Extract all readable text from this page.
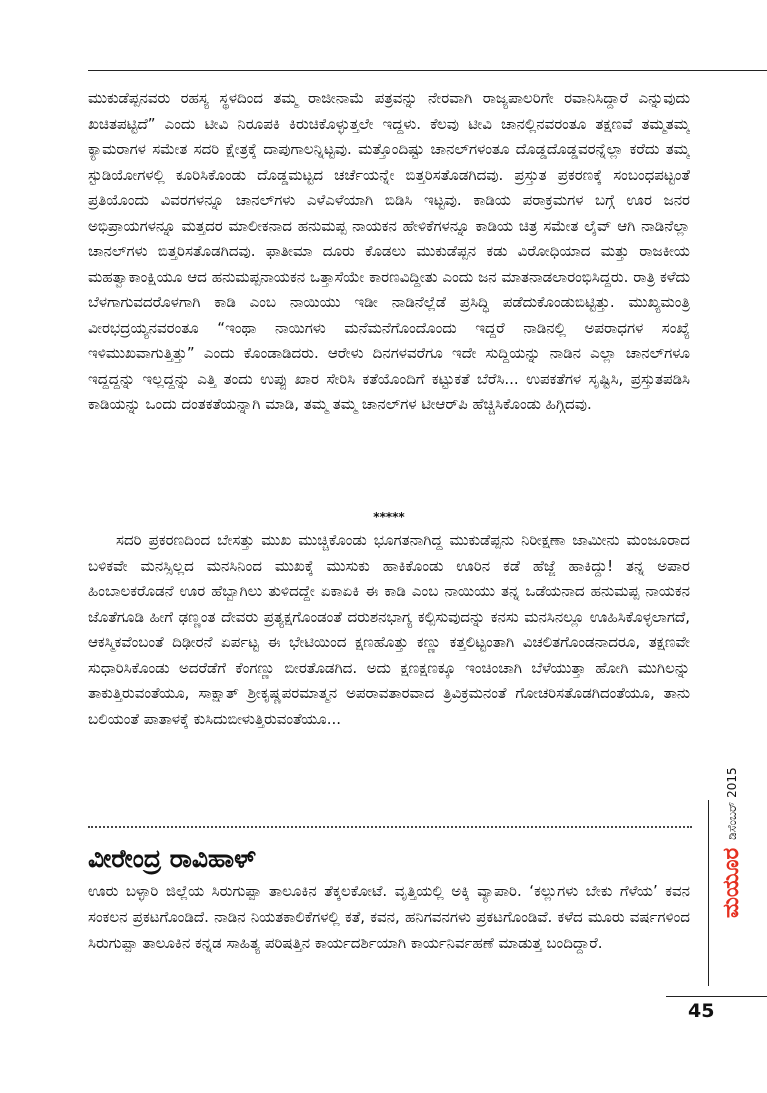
ಮುಕುಡೆಪ್ಪನವರು ರಹಸ್ಯ ಸ್ಥಳದಿಂದ ತಮ್ಮ ರಾಜೀನಾಮೆ ಪತ್ರವನ್ನು ನೇರವಾಗಿ ರಾಜ್ಯಪಾಲರಿಗೇ ರವಾನಿಸಿದ್ದಾರೆ ಎನ್ನುವುದು ಖಚಿತಪಟ್ಟಿದೆ” ಎಂದು ಟೀವಿ ನಿರೂಪಕಿ ಕಿರುಚಿಕೊಳ್ಳುತ್ತಲೇ ಇದ್ದಳು. ಕೆಲವು ಟೀವಿ ಚಾನಲ್ಲಿನವರಂತೂ ತಕ್ಷಣವೆ ತಮ್ಮತಮ್ಮ ಕ್ಯಾಮರಾಗಳ ಸಮೇತ ಸದರಿ ಕ್ಷೇತ್ರಕ್ಕೆ ದಾಪುಗಾಲನ್ನಿಟ್ಟವು. ಮತ್ತೊಂದಿಷ್ಟು ಚಾನಲ್‌ಗಳಂತೂ ದೊಡ್ಡದೊಡ್ಡವರನ್ನೆಲ್ಲಾ ಕರೆದು ತಮ್ಮ ಸ್ಟುಡಿಯೋಗಳಲ್ಲಿ ಕೂರಿಸಿಕೊಂಡು ದೊಡ್ಡಮಟ್ಟದ ಚರ್ಚೆಯನ್ನೇ ಬಿತ್ತರಿಸತೊಡಗಿದವು. ಪ್ರಸ್ತುತ ಪ್ರಕರಣಕ್ಕೆ ಸಂಬಂಧಪಟ್ಟಂತೆ ಪ್ರತಿಯೊಂದು ವಿವರಗಳನ್ನೂ ಚಾನಲ್‌ಗಳು ಎಳೆಎಳೆಯಾಗಿ ಬಿಡಿಸಿ ಇಟ್ಟವು. ಕಾಡಿಯ ಪರಾಕ್ರಮಗಳ ಬಗ್ಗೆ ಊರ ಜನರ ಅಭಿಪ್ರಾಯಗಳನ್ನೂ ಮತ್ತದರ ಮಾಲೀಕನಾದ ಹನುಮಪ್ಪ ನಾಯಕನ ಹೇಳಿಕೆಗಳನ್ನೂ ಕಾಡಿಯ ಚಿತ್ರ ಸಮೇತ ಲೈವ್ ಆಗಿ ನಾಡಿನೆಲ್ಲಾ ಚಾನಲ್‌ಗಳು ಬಿತ್ತರಿಸತೊಡಗಿದವು. ಫಾತೀಮಾ ದೂರು ಕೊಡಲು ಮುಕುಡೆಪ್ಪನ ಕಡು ವಿರೋಧಿಯಾದ ಮತ್ತು ರಾಜಕೀಯ ಮಹತ್ವಾಕಾಂಕ್ಷಿಯೂ ಆದ ಹನುಮಪ್ಪನಾಯಕನ ಒತ್ತಾಸೆಯೇ ಕಾರಣವಿದ್ದೀತು ಎಂದು ಜನ ಮಾತನಾಡಲಾರಂಭಿಸಿದ್ದರು. ರಾತ್ರಿ ಕಳೆದು ಬೆಳಗಾಗುವದರೊಳಗಾಗಿ ಕಾಡಿ ಎಂಬ ನಾಯಿಯು ಇಡೀ ನಾಡಿನೆಲ್ಲೆಡೆ ಪ್ರಸಿದ್ಧಿ ಪಡೆದುಕೊಂಡುಬಿಟ್ಟಿತ್ತು. ಮುಖ್ಯಮಂತ್ರಿ ವೀರಭದ್ರಯ್ಯನವರಂತೂ “ಇಂಥಾ ನಾಯಿಗಳು ಮನೆಮನೆಗೊಂದೊಂದು ಇದ್ದರೆ ನಾಡಿನಲ್ಲಿ ಅಪರಾಧಗಳ ಸಂಖ್ಯೆ ಇಳಿಮುಖವಾಗುತ್ತಿತ್ತು” ಎಂದು ಕೊಂಡಾಡಿದರು. ಆರೇಳು ದಿನಗಳವರೆಗೂ ಇದೇ ಸುದ್ದಿಯನ್ನು ನಾಡಿನ ಎಲ್ಲಾ ಚಾನಲ್‌ಗಳೂ ಇದ್ದದ್ದನ್ನು ಇಲ್ಲದ್ದನ್ನು ಎತ್ತಿ ತಂದು ಉಪ್ಪು ಖಾರ ಸೇರಿಸಿ ಕತೆಯೊಂದಿಗೆ ಕಟ್ಟುಕತೆ ಬೆರೆಸಿ... ಉಪಕತೆಗಳ ಸೃಷ್ಟಿಸಿ, ಪ್ರಸ್ತುತಪಡಿಸಿ ಕಾಡಿಯನ್ನು ಒಂದು ದಂತಕತೆಯನ್ನಾಗಿ ಮಾಡಿ, ತಮ್ಮ ತಮ್ಮ ಚಾನಲ್‌ಗಳ ಟೀಆರ್‌ಪಿ ಹೆಚ್ಚಿಸಿಕೊಂಡು ಹಿಗ್ಗಿದವು.

*****

ಸದರಿ ಪ್ರಕರಣದಿಂದ ಬೇಸತ್ತು ಮುಖ ಮುಚ್ಚಿಕೊಂಡು ಭೂಗತನಾಗಿದ್ದ ಮುಕುಡೆಪ್ಪನು ನಿರೀಕ್ಷಣಾ ಜಾಮೀನು ಮಂಜೂರಾದ ಬಳಿಕವೇ ಮನಸ್ಸಿಲ್ಲದ ಮನಸಿನಿಂದ ಮುಖಕ್ಕೆ ಮುಸುಕು ಹಾಕಿಕೊಂಡು ಊರಿನ ಕಡೆ ಹೆಜ್ಜೆ ಹಾಕಿದ್ದು! ತನ್ನ ಅಪಾರ ಹಿಂಬಾಲಕರೊಡನೆ ಊರ ಹೆಬ್ಬಾಗಿಲು ತುಳಿದದ್ದೇ ಏಕಾಏಕಿ ಈ ಕಾಡಿ ಎಂಬ ನಾಯಿಯು ತನ್ನ ಒಡೆಯನಾದ ಹನುಮಪ್ಪ ನಾಯಕನ ಜೊತೆಗೂಡಿ ಹೀಗೆ ಢಣ್ಣಂತ ದೇವರು ಪ್ರತ್ಯಕ್ಷಗೊಂಡಂತೆ ದರುಶನಭಾಗ್ಯ ಕಲ್ಪಿಸುವುದನ್ನು ಕನಸು ಮನಸಿನಲ್ಲೂ ಊಹಿಸಿಕೊಳ್ಳಲಾಗದೆ, ಆಕಸ್ಮಿಕವೆಂಬಂತೆ ದಿಢೀರನೆ ಏರ್ಪಟ್ಟ ಈ ಭೇಟಿಯಿಂದ ಕ್ಷಣಹೊತ್ತು ಕಣ್ಣು ಕತ್ತಲಿಟ್ಟಂತಾಗಿ ವಿಚಲಿತಗೊಂಡನಾದರೂ, ತಕ್ಷಣವೇ ಸುಧಾರಿಸಿಕೊಂಡು ಅದರೆಡೆಗೆ ಕೆಂಗಣ್ಣು ಬೀರತೊಡಗಿದ. ಅದು ಕ್ಷಣಕ್ಷಣಕ್ಕೂ ಇಂಚಿಂಚಾಗಿ ಬೆಳೆಯುತ್ತಾ ಹೋಗಿ ಮುಗಿಲನ್ನು ತಾಕುತ್ತಿರುವಂತೆಯೂ, ಸಾಕ್ಷಾತ್ ಶ್ರೀಕೃಷ್ಣಪರಮಾತ್ಮನ ಅಪರಾವತಾರವಾದ ತ್ರಿವಿಕ್ರಮನಂತೆ ಗೋಚರಿಸತೊಡಗಿದಂತೆಯೂ, ತಾನು ಬಲಿಯಂತೆ ಪಾತಾಳಕ್ಕೆ ಕುಸಿದುಬೀಳುತ್ತಿರುವಂತೆಯೂ...

ವೀರೇಂದ್ರ ರಾವಿಹಾಳ್

ಊರು ಬಳ್ಳಾರಿ ಜಿಲ್ಲೆಯ ಸಿರುಗುಪ್ಪಾ ತಾಲೂಕಿನ ತೆಕ್ಕಲಕೋಟೆ. ವೃತ್ತಿಯಲ್ಲಿ ಅಕ್ಕಿ ವ್ಯಾಪಾರಿ. ‘ಕಲ್ಲುಗಳು ಬೇಕು ಗೆಳೆಯ’ ಕವನ ಸಂಕಲನ ಪ್ರಕಟಗೊಂಡಿದೆ. ನಾಡಿನ ನಿಯತಕಾಲಿಕೆಗಳಲ್ಲಿ ಕತೆ, ಕವನ, ಹನಿಗವನಗಳು ಪ್ರಕಟಗೊಂಡಿವೆ. ಕಳೆದ ಮೂರು ವರ್ಷಗಳಿಂದ ಸಿರುಗುಪ್ಪಾ ತಾಲೂಕಿನ ಕನ್ನಡ ಸಾಹಿತ್ಯ ಪರಿಷತ್ತಿನ ಕಾರ್ಯದರ್ಶಿಯಾಗಿ ಕಾರ್ಯನಿರ್ವಹಣೆ ಮಾಡುತ್ತ ಬಂದಿದ್ದಾರೆ.

ಮಯೂರ
ಡಿಸೆಂಬರ್ 2015
45
